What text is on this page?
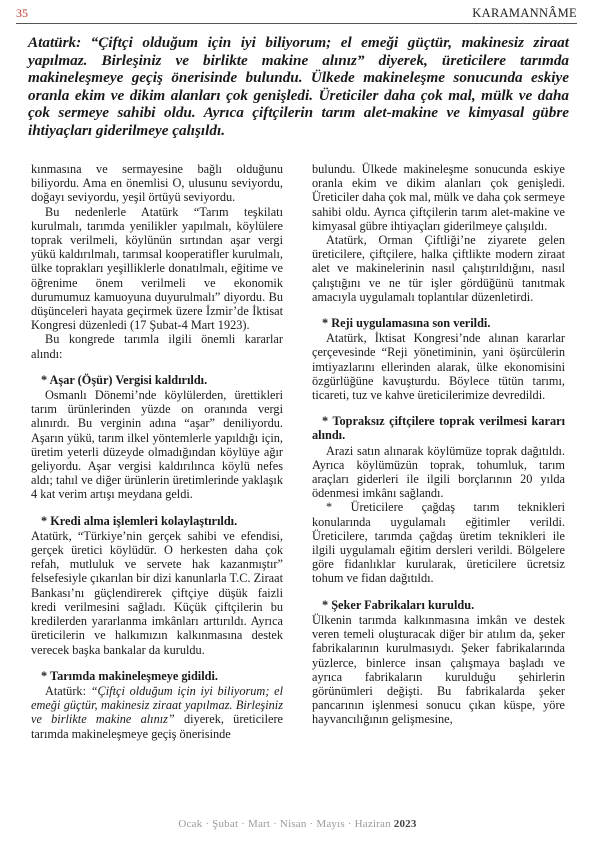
35	KARAMANNÂME
Atatürk: “Çiftçi olduğum için iyi biliyorum; el emeği güçtür, makinesiz ziraat yapılmaz. Birleşiniz ve birlikte makine alınız” diyerek, üreticilere tarımda makineleşmeye geçiş önerisinde bulundu. Ülkede makineleşme sonucunda eskiye oranla ekim ve dikim alanları çok genişledi. Üreticiler daha çok mal, mülk ve daha çok sermeye sahibi oldu. Ayrıca çiftçilerin tarım alet-makine ve kimyasal gübre ihtiyaçları giderilmeye çalışıldı.

kınmasına ve sermayesine bağlı olduğunu biliyordu. Ama en önemlisi O, ulusunu seviyordu, doğayı seviyordu, yeşil örtüyü seviyordu.

Bu nedenlerle Atatürk “Tarım teşkilatı kurulmalı, tarımda yenilikler yapılmalı, köylülere toprak verilmeli, köylünün sırtından aşar vergi yükü kaldırılmalı, tarımsal kooperatifler kurulmalı, ülke toprakları yeşilliklerle donatılmalı, eğitime ve öğrenime önem verilmeli ve ekonomik durumumuz kamuoyuna duyurulmalı” diyordu. Bu düşünceleri hayata geçirmek üzere İzmir’de İktisat Kongresi düzenledi (17 Şubat-4 Mart 1923).

Bu kongrede tarımla ilgili önemli kararlar alındı:

* Aşar (Öşür) Vergisi kaldırıldı.

Osmanlı Dönemi’nde köylülerden, ürettikleri tarım ürünlerinden yüzde on oranında vergi alınırdı. Bu verginin adına “aşar” deniliyordu. Aşarın yükü, tarım ilkel yöntemlerle yapıldığı için, üretim yeterli düzeyde olmadığından köylüye ağır geliyordu. Aşar vergisi kaldırılınca köylü nefes aldı; tahıl ve diğer ürünlerin üretimlerinde yaklaşık 4 kat verim artışı meydana geldi.

* Kredi alma işlemleri kolaylaştırıldı.

Atatürk, “Türkiye’nin gerçek sahibi ve efendisi, gerçek üretici köylüdür. O herkesten daha çok refah, mutluluk ve servete hak kazanmıştır” felsefesiyle çıkarılan bir dizi kanunlarla T.C. Ziraat Bankası’nı güçlendirerek çiftçiye düşük faizli kredi verilmesini sağladı. Küçük çiftçilerin bu kredilerden yararlanma imkânları arttırıldı. Ayrıca üreticilerin ve halkımızın kalkınmasına destek verecek başka bankalar da kuruldu.

* Tarımda makineleşmeye gidildi.

Atatürk: “Çiftçi olduğum için iyi biliyorum; el emeği güçtür, makinesiz ziraat yapılmaz. Birleşiniz ve birlikte makine alınız” diyerek, üreticilere tarımda makineleşmeye geçiş önerisinde

bulundu. Ülkede makineleşme sonucunda eskiye oranla ekim ve dikim alanları çok genişledi. Üreticiler daha çok mal, mülk ve daha çok sermeye sahibi oldu. Ayrıca çiftçilerin tarım alet-makine ve kimyasal gübre ihtiyaçları giderilmeye çalışıldı.

Atatürk, Orman Çiftliği’ne ziyarete gelen üreticilere, çiftçilere, halka çiftlikte modern ziraat alet ve makinelerinin nasıl çalıştırıldığını, nasıl çalıştığını ve ne tür işler gördüğünü tanıtmak amacıyla uygulamalı toplantılar düzenletirdi.

* Reji uygulamasına son verildi.

Atatürk, İktisat Kongresi’nde alınan kararlar çerçevesinde “Reji yönetiminin, yani öşürcülerin imtiyazlarını ellerinden alarak, ülke ekonomisini özgürlüğüne kavuşturdu. Böylece tütün tarımı, ticareti, tuz ve kahve üreticilerimize devredildi.

* Topraksız çiftçilere toprak verilmesi kararı alındı.

Arazi satın alınarak köylümüze toprak dağıtıldı. Ayrıca köylümüzün toprak, tohumluk, tarım araçları giderleri ile ilgili borçlarının 20 yılda ödenmesi imkânı sağlandı.

* Üreticilere çağdaş tarım teknikleri konularında uygulamalı eğitimler verildi. Üreticilere, tarımda çağdaş üretim teknikleri ile ilgili uygulamalı eğitim dersleri verildi. Bölgelere göre fidanlıklar kurularak, üreticilere ücretsiz tohum ve fidan dağıtıldı.

* Şeker Fabrikaları kuruldu.

Ülkenin tarımda kalkınmasına imkân ve destek veren temeli oluşturacak diğer bir atılım da, şeker fabrikalarının kurulmasıydı. Şeker fabrikalarında yüzlerce, binlerce insan çalışmaya başladı ve ayrıca fabrikaların kurulduğu şehirlerin görünümleri değişti. Bu fabrikalarda şeker pancarının işlenmesi sonucu çıkan küspe, yöre hayvancılığının gelişmesine,

Ocak · Şubat · Mart · Nisan · Mayıs · Haziran 2023
